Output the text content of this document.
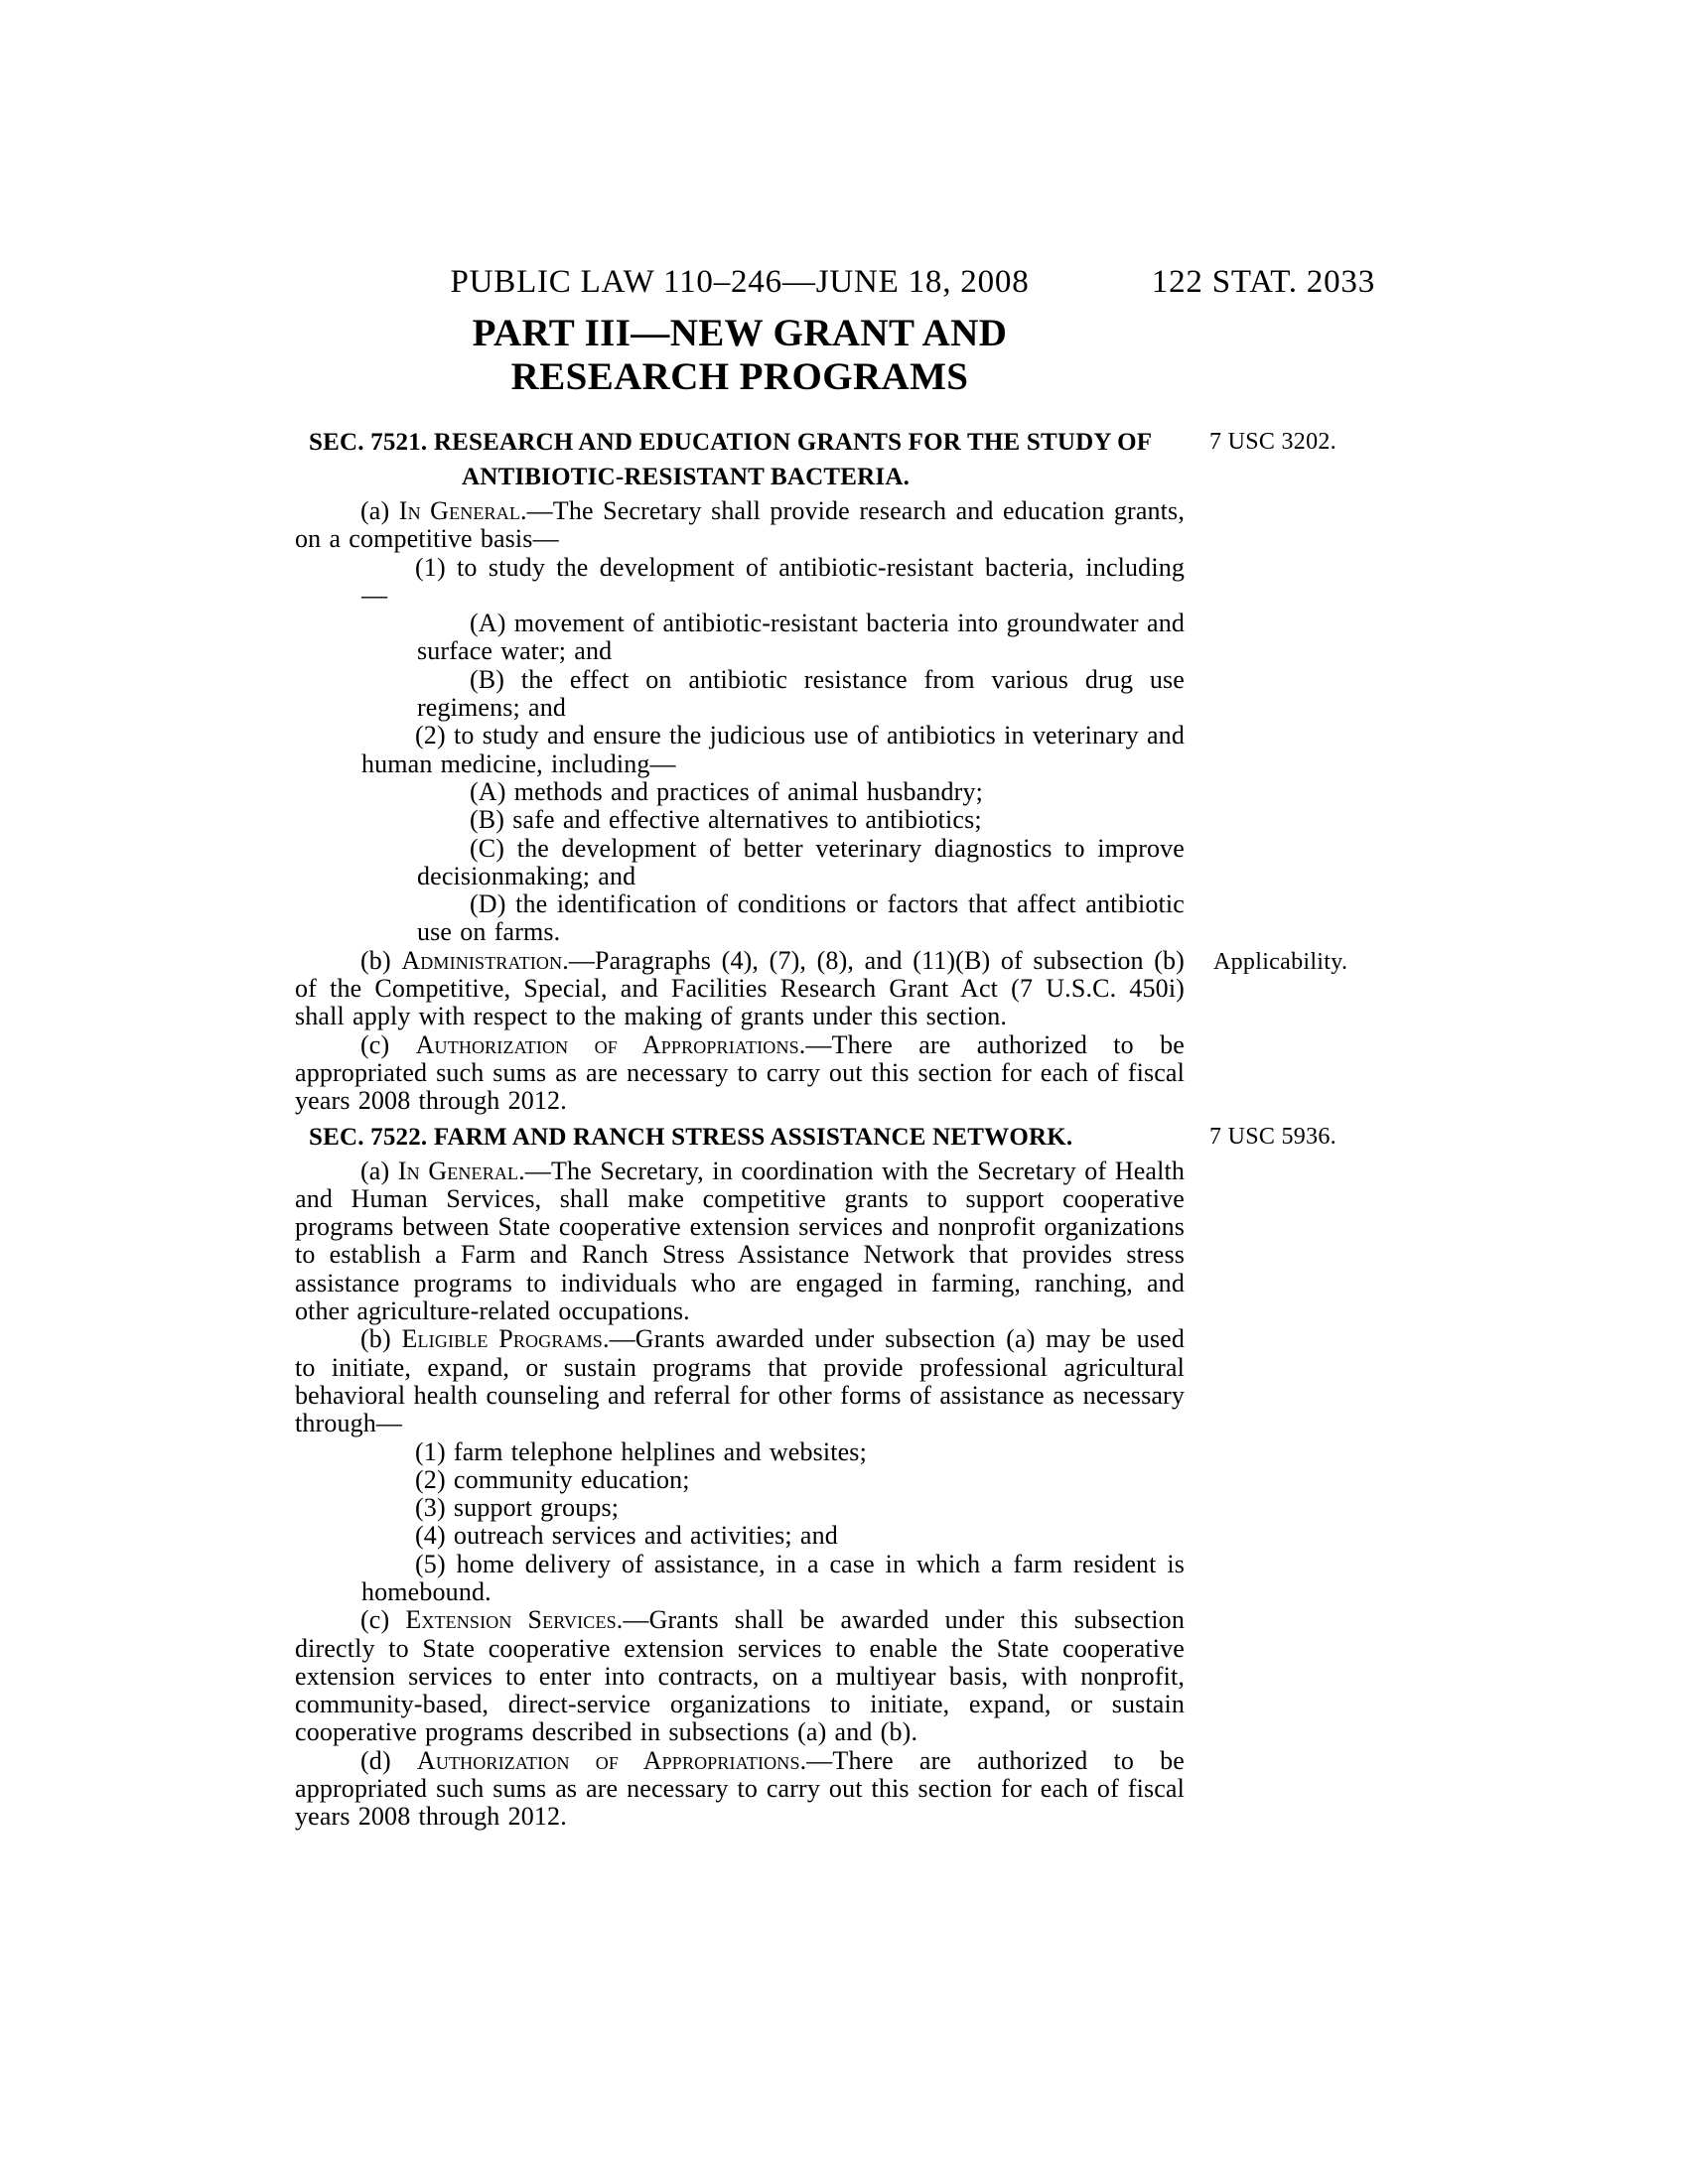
PUBLIC LAW 110–246—JUNE 18, 2008	122 STAT. 2033
PART III—NEW GRANT AND RESEARCH PROGRAMS
SEC. 7521. RESEARCH AND EDUCATION GRANTS FOR THE STUDY OF ANTIBIOTIC-RESISTANT BACTERIA.
7 USC 3202.

(a) In General.—The Secretary shall provide research and education grants, on a competitive basis—

(1) to study the development of antibiotic-resistant bacteria, including—

(A) movement of antibiotic-resistant bacteria into groundwater and surface water; and

(B) the effect on antibiotic resistance from various drug use regimens; and

(2) to study and ensure the judicious use of antibiotics in veterinary and human medicine, including—

(A) methods and practices of animal husbandry;

(B) safe and effective alternatives to antibiotics;

(C) the development of better veterinary diagnostics to improve decisionmaking; and

(D) the identification of conditions or factors that affect antibiotic use on farms.

(b) Administration.—Paragraphs (4), (7), (8), and (11)(B) of subsection (b) of the Competitive, Special, and Facilities Research Grant Act (7 U.S.C. 450i) shall apply with respect to the making of grants under this section.
Applicability.

(c) Authorization of Appropriations.—There are authorized to be appropriated such sums as are necessary to carry out this section for each of fiscal years 2008 through 2012.

SEC. 7522. FARM AND RANCH STRESS ASSISTANCE NETWORK.	7 USC 5936.

(a) In General.—The Secretary, in coordination with the Secretary of Health and Human Services, shall make competitive grants to support cooperative programs between State cooperative extension services and nonprofit organizations to establish a Farm and Ranch Stress Assistance Network that provides stress assistance programs to individuals who are engaged in farming, ranching, and other agriculture-related occupations.

(b) Eligible Programs.—Grants awarded under subsection (a) may be used to initiate, expand, or sustain programs that provide professional agricultural behavioral health counseling and referral for other forms of assistance as necessary through—

(1) farm telephone helplines and websites;

(2) community education;

(3) support groups;

(4) outreach services and activities; and

(5) home delivery of assistance, in a case in which a farm resident is homebound.

(c) Extension Services.—Grants shall be awarded under this subsection directly to State cooperative extension services to enable the State cooperative extension services to enter into contracts, on a multiyear basis, with nonprofit, community-based, direct-service organizations to initiate, expand, or sustain cooperative programs described in subsections (a) and (b).

(d) Authorization of Appropriations.—There are authorized to be appropriated such sums as are necessary to carry out this section for each of fiscal years 2008 through 2012.
